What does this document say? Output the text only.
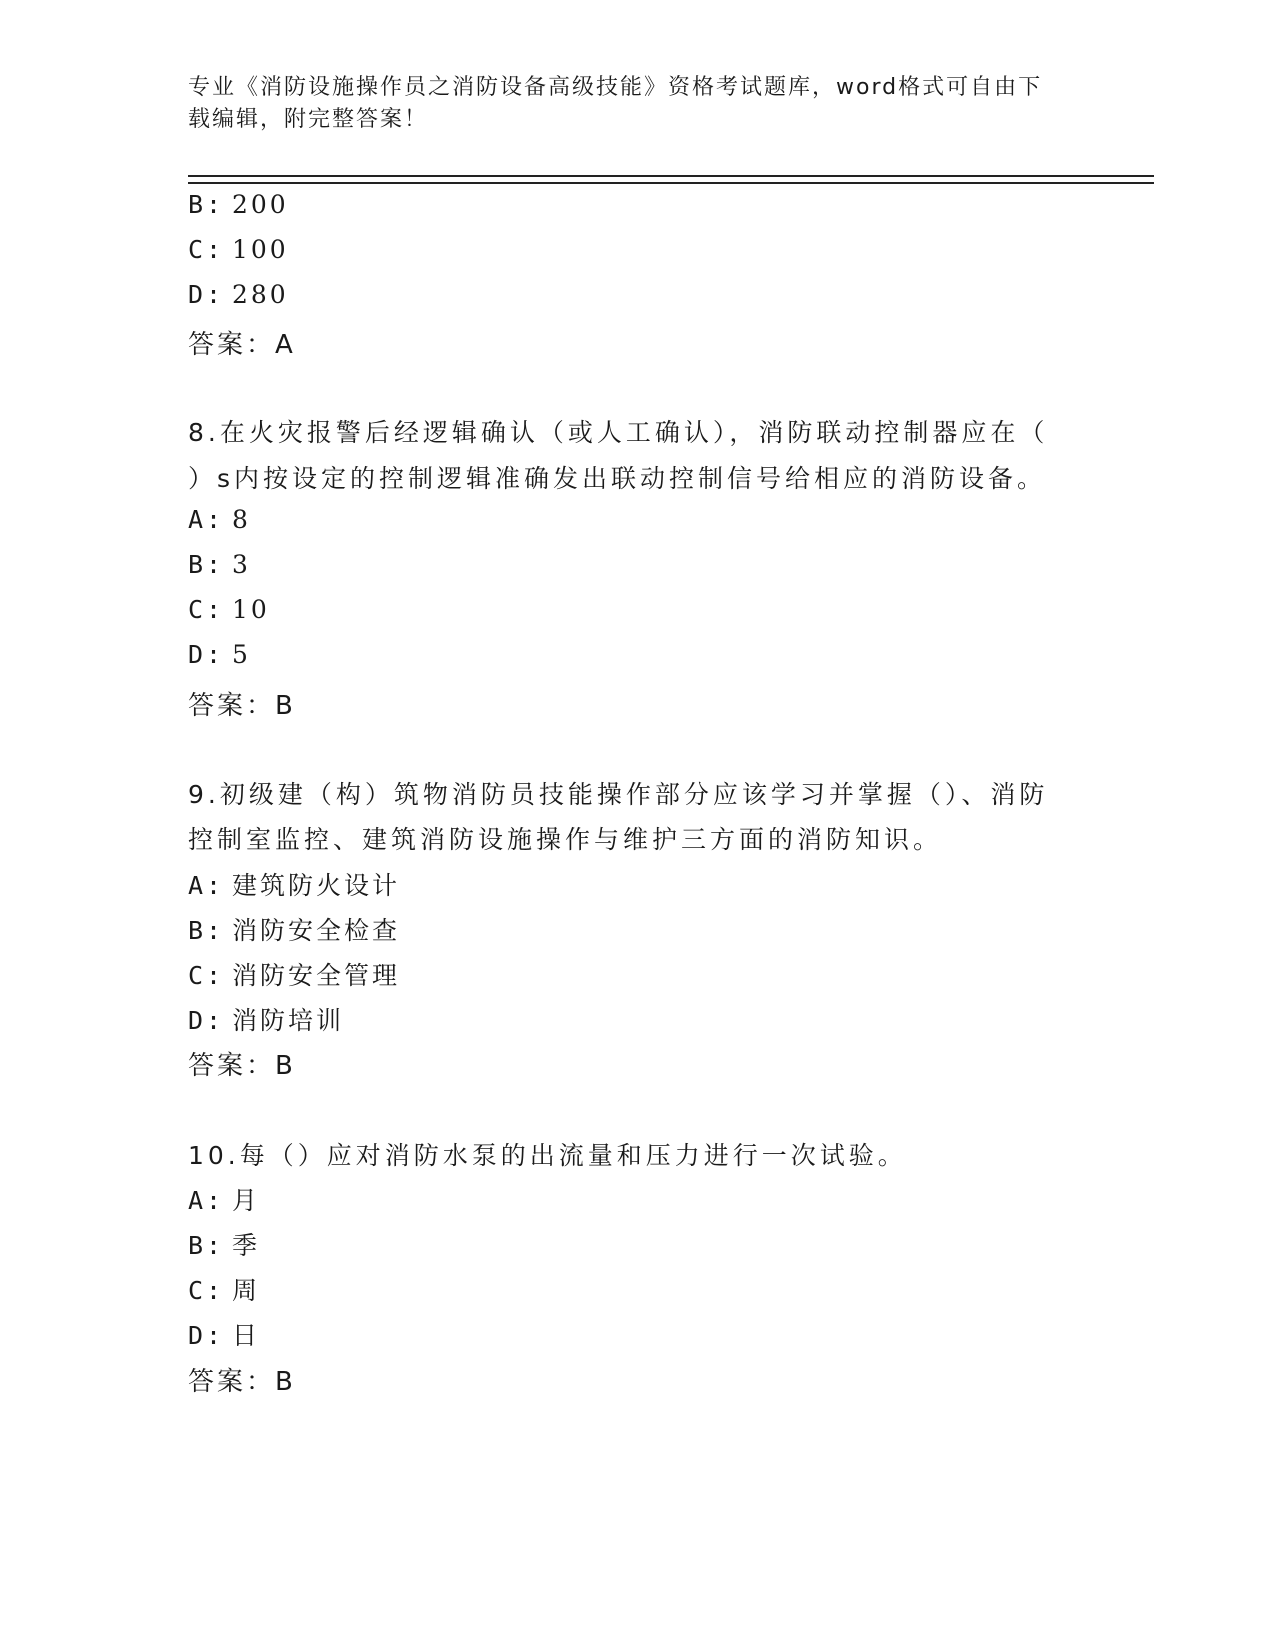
专业《消防设施操作员之消防设备高级技能》资格考试题库，word格式可自由下
载编辑，附完整答案！
B: 200
C: 100
D: 280
答案：A
8.在火灾报警后经逻辑确认（或人工确认），消防联动控制器应在（
）s内按设定的控制逻辑准确发出联动控制信号给相应的消防设备。
A: 8
B: 3
C: 10
D: 5
答案：B
9.初级建（构）筑物消防员技能操作部分应该学习并掌握（）、消防
控制室监控、建筑消防设施操作与维护三方面的消防知识。
A: 建筑防火设计
B: 消防安全检查
C: 消防安全管理
D: 消防培训
答案：B
10.每（）应对消防水泵的出流量和压力进行一次试验。
A: 月
B: 季
C: 周
D: 日
答案：B
